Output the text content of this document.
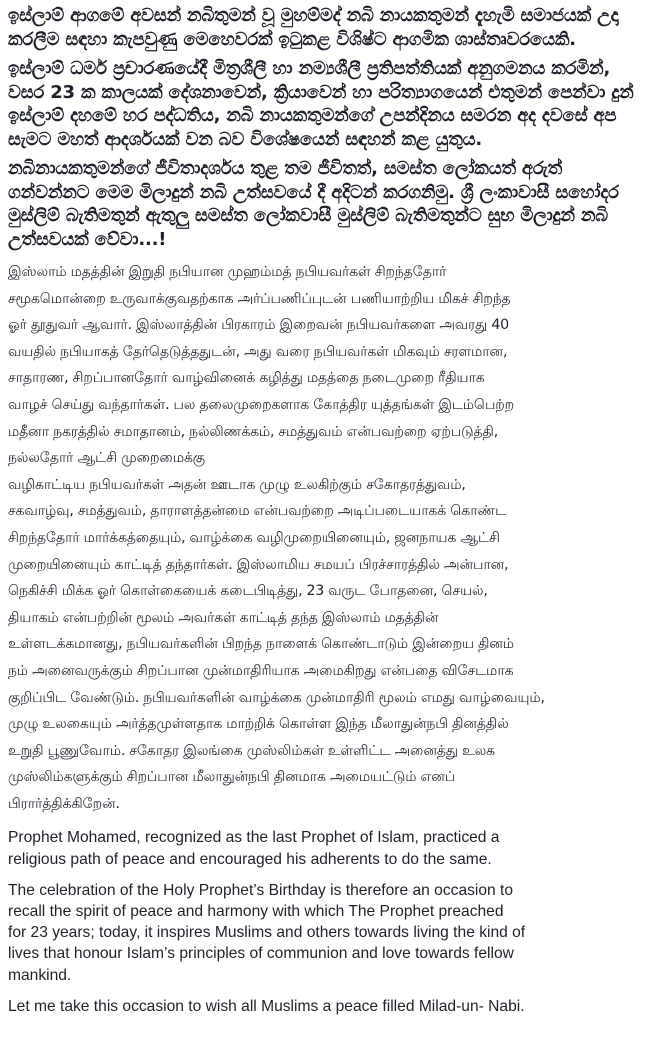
ඉස්ලාම් ආගමේ අවසන් නබිතුමන් වූ මුහම්මද් නබි නායකතුමන් දැහැමි සමාජයක් උදා කරලීම සඳහා කැපවුණු මෙහෙවරක් ඉටුකළ විශිෂ්ට ආගමික ශාස්තෘවරයෙකි.

ඉස්ලාම් ධර්ම ප්‍රචාරණයේදී මිත්‍රශීලී හා නම්‍යශීලී ප්‍රතිපත්තියක් අනුගමනය කරමින්, වසර 23 ක කාලයක් දේශනාවෙන්, ක්‍රියාවෙන් හා පරිත්‍යාගයෙන් එතුමන් පෙන්වා දුන් ඉස්ලාම් දහමේ හර පද්ධතිය, නබි නායකතුමන්ගේ උපන්දිනය සමරන අද දවසේ අප සැමට මහත් ආදර්ශයක් වන බව විශේෂයෙන් සඳහන් කළ යුතුය.

නබිනායකතුමන්ගේ ජීවිතාදර්ශය තුළ තම ජීවිතත්, සමස්ත ලෝකයත් අරුත් ගන්වන්නට මෙම මිලාදුන් නබි උත්සවයේ දී අදිටන් කරගනිමු. ශ්‍රී ලංකාවාසී සහෝදර මුස්ලිම් බැතිමතුන් ඇතුලු සමස්ත ලෝකවාසී මුස්ලිම් බැතිමතුන්ට සුභ මිලාදුන් නබි උත්සවයක් වේවා...!

இஸ்லாம் மதத்தின் இறுதி நபியான முஹம்மத் நபியவர்கள் சிறந்ததோர்
சமூகமொன்றை உருவாக்குவதற்காக அர்ப்பணிப்புடன் பணியாற்றிய மிகச் சிறந்த
ஓர் தூதுவர் ஆவார். இஸ்லாத்தின் பிரகாரம் இறைவன் நபியவர்களை அவரது 40
வயதில் நபியாகத் தேர்தெடுத்ததுடன், அது வரை நபியவர்கள் மிகவும் சரளமான,
சாதாரண, சிறப்பானதோர் வாழ்வினைக் கழித்து மதத்தை நடைமுறை ரீதியாக
வாழச் செய்து வந்தார்கள். பல தலைமுறைகளாக கோத்திர யுத்தங்கள் இடம்பெற்ற
மதீனா நகரத்தில் சமாதானம், நல்லிணக்கம், சமத்துவம் என்பவற்றை ஏற்படுத்தி,
நல்லதோர் ஆட்சி முறைமைக்கு

வழிகாட்டிய நபியவர்கள் அதன் ஊடாக முழு உலகிற்கும் சகோதரத்துவம்,
சகவாழ்வு, சமத்துவம், தாராளத்தன்மை என்பவற்றை அடிப்படையாகக் கொண்ட
சிறந்ததோர் மார்க்கத்தையும், வாழ்க்கை வழிமுறையினையும், ஜனநாயக ஆட்சி
முறையினையும் காட்டித் தந்தார்கள். இஸ்லாமிய சமயப் பிரச்சாரத்தில் அன்பான,
நெகிச்சி மிக்க ஓர் கொள்கையைக் கடைபிடித்து, 23 வருட போதனை, செயல்,
தியாகம் என்பற்றின் மூலம் அவர்கள் காட்டித் தந்த இஸ்லாம் மதத்தின்
உள்ளடக்கமானது, நபியவர்களின் பிறந்த நாளைக் கொண்டாடும் இன்றைய தினம்
நம் அனைவருக்கும் சிறப்பான முன்மாதிரியாக அமைகிறது என்பதை விசேடமாக
குறிப்பிட வேண்டும். நபியவர்களின் வாழ்க்கை முன்மாதிரி மூலம் எமது வாழ்வையும்,
முழு உலகையும் அர்த்தமுள்ளதாக மாற்றிக் கொள்ள இந்த மீலாதுன்நபி தினத்தில்
உறுதி பூணுவோம். சகோதர இலங்கை முஸ்லிம்கள் உள்ளிட்ட அனைத்து உலக
முஸ்லிம்களுக்கும் சிறப்பான மீலாதுன்நபி தினமாக அமையட்டும் எனப்
பிரார்த்திக்கிறேன்.

Prophet Mohamed, recognized as the last Prophet of Islam, practiced a
religious path of peace and encouraged his adherents to do the same.

The celebration of the Holy Prophet’s Birthday is therefore an occasion to
recall the spirit of peace and harmony with which The Prophet preached
for 23 years; today, it inspires Muslims and others towards living the kind of
lives that honour Islam’s principles of communion and love towards fellow
mankind.

Let me take this occasion to wish all Muslims a peace filled Milad-un- Nabi.
